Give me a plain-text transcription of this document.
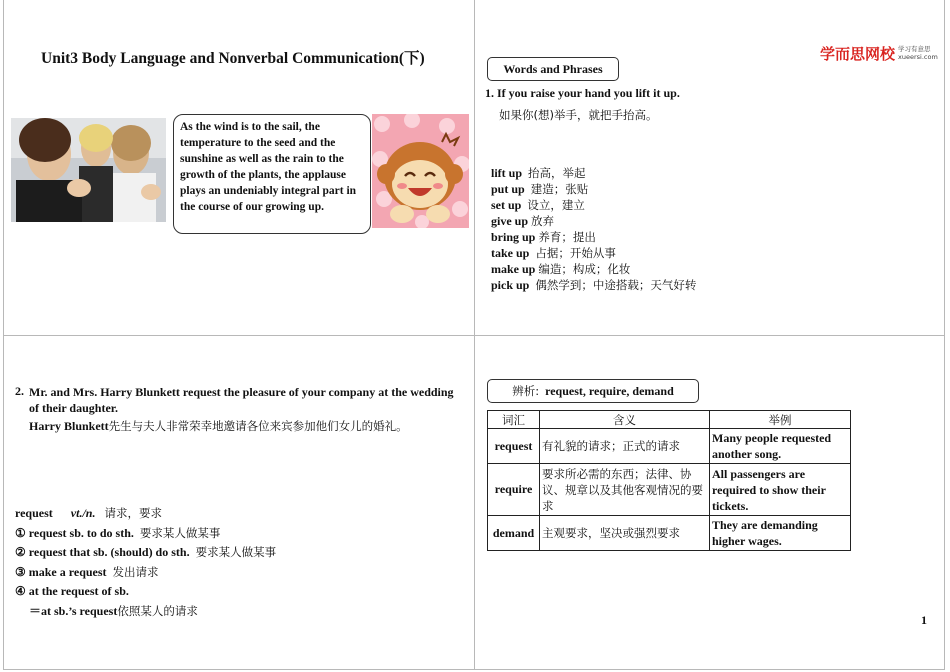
Unit3 Body Language and Nonverbal Communication(下)
As the wind is to the sail, the temperature to the seed and the sunshine as well as the rain to the growth of the plants, the applause plays an undeniably integral part in the course of our growing up.
学而思网校 学习有意思
xueersi.com
Words and Phrases
1. If you raise your hand you lift it up.
如果你(想)举手，就把手抬高。
lift up 抬高，举起
put up 建造；张贴
set up 设立，建立
give up 放弃
bring up 养育；提出
take up 占据；开始从事
make up 编造；构成；化妆
pick up 偶然学到；中途搭载；天气好转
2. Mr. and Mrs. Harry Blunkett request the pleasure of your company at the wedding of their daughter.
Harry Blunkett先生与夫人非常荣幸地邀请各位来宾参加他们女儿的婚礼。
request vt./n. 请求，要求
① request sb. to do sth. 要求某人做某事
② request that sb. (should) do sth. 要求某人做某事
③ make a request 发出请求
④ at the request of sb.
＝at sb.’s request依照某人的请求
辨析:
request, require, demand
词汇	含义	举例
request	有礼貌的请求；正式的请求	Many people requested another song.
require	要求所必需的东西；法律、协议、规章以及其他客观情况的要求	All passengers are required to show their tickets.
demand	主观要求，坚决或强烈要求	They are demanding higher wages.
1
